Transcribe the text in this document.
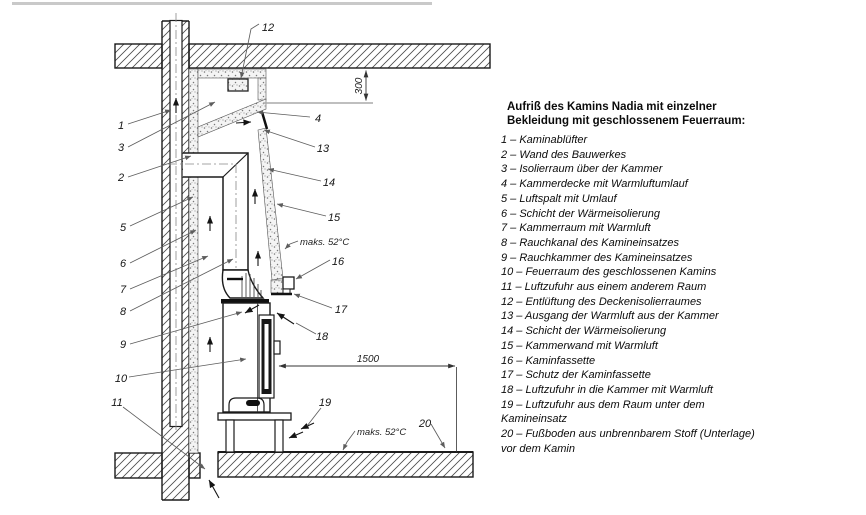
300
1500
maks. 52°C
maks. 52°C
1
3
2
5
6
7
8
9
10
11
12
4
13
14
15
16
17
18
19
20
Aufriß des Kamins Nadia mit einzelner
Bekleidung mit geschlossenem Feuerraum:
1 – Kaminablüfter
2 – Wand des Bauwerkes
3 – Isolierraum über der Kammer
4 – Kammerdecke mit Warmluftumlauf
5 – Luftspalt mit Umlauf
6 – Schicht der Wärmeisolierung
7 – Kammerraum mit Warmluft
8 – Rauchkanal des Kamineinsatzes
9 – Rauchkammer des Kamineinsatzes
10 – Feuerraum des geschlossenen Kamins
11 – Luftzufuhr aus einem anderem Raum
12 – Entlüftung des Deckenisolierraumes
13 – Ausgang der Warmluft aus der Kammer
14 – Schicht der Wärmeisolierung
15 – Kammerwand mit Warmluft
16 – Kaminfassette
17 – Schutz der Kaminfassette
18 – Luftzufuhr in die Kammer mit Warmluft
19 – Luftzufuhr aus dem Raum unter dem
Kamineinsatz
20 – Fußboden aus unbrennbarem Stoff (Unterlage)
vor dem Kamin
